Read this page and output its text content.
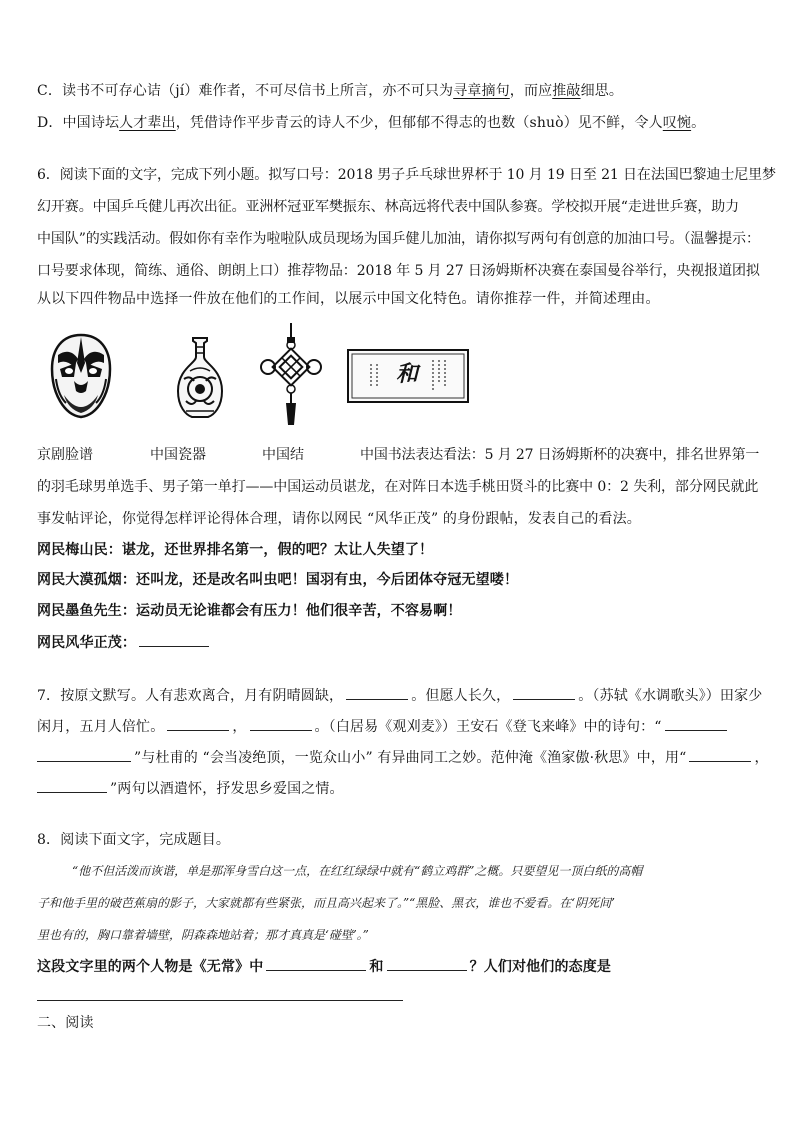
C．读书不可存心诘（jí）难作者，不可尽信书上所言，亦不可只为寻章摘句，而应推敲细思。
D．中国诗坛人才辈出，凭借诗作平步青云的诗人不少，但郁郁不得志的也数（shuò）见不鲜，令人叹惋。
6．阅读下面的文字，完成下列小题。拟写口号：2018 男子乒乓球世界杯于 10 月 19 日至 21 日在法国巴黎迪士尼里梦
幻开赛。中国乒乓健儿再次出征。亚洲杯冠亚军樊振东、林高远将代表中国队参赛。学校拟开展“走进世乒赛，助力
中国队”的实践活动。假如你有幸作为啦啦队成员现场为国乒健儿加油，请你拟写两句有创意的加油口号。（温馨提示：
口号要求体现，简练、通俗、朗朗上口）推荐物品：2018 年 5 月 27 日汤姆斯杯决赛在泰国曼谷举行，央视报道团拟
从以下四件物品中选择一件放在他们的工作间，以展示中国文化特色。请你推荐一件，并简述理由。
和
京剧脸谱	中国瓷器	中国结	中国书法表达看法：5 月 27 日汤姆斯杯的决赛中，排名世界第一
的羽毛球男单选手、男子第一单打——中国运动员谌龙，在对阵日本选手桃田贤斗的比赛中 0：2 失利，部分网民就此
事发帖评论，你觉得怎样评论得体合理，请你以网民 “风华正茂” 的身份跟帖，发表自己的看法。
网民梅山民：谌龙，还世界排名第一，假的吧？太让人失望了！
网民大漠孤烟：还叫龙，还是改名叫虫吧！国羽有虫，今后团体夺冠无望喽！
网民墨鱼先生：运动员无论谁都会有压力！他们很辛苦，不容易啊！
网民风华正茂：
7．按原文默写。人有悲欢离合，月有阴晴圆缺，	。但愿人长久，	。（苏轼《水调歌头》）田家少
闲月，五月人倍忙。	，	。（白居易《观刈麦》）王安石《登飞来峰》中的诗句：“
”与杜甫的 “会当凌绝顶，一览众山小” 有异曲同工之妙。范仲淹《渔家傲·秋思》中，用“	，
”两句以酒遣怀，抒发思乡爱国之情。
8．阅读下面文字，完成题目。
“他不但活泼而诙谐，单是那浑身雪白这一点，在红红绿绿中就有“鹤立鸡群”之概。只要望见一顶白纸的高帽
子和他手里的破芭蕉扇的影子，大家就都有些紧张，而且高兴起来了。”“黑脸、黑衣，谁也不爱看。在‘阴死间’
里也有的，胸口靠着墙壁，阴森森地站着；那才真真是‘碰壁’。”
这段文字里的两个人物是《无常》中	和	？人们对他们的态度是
二、阅读
